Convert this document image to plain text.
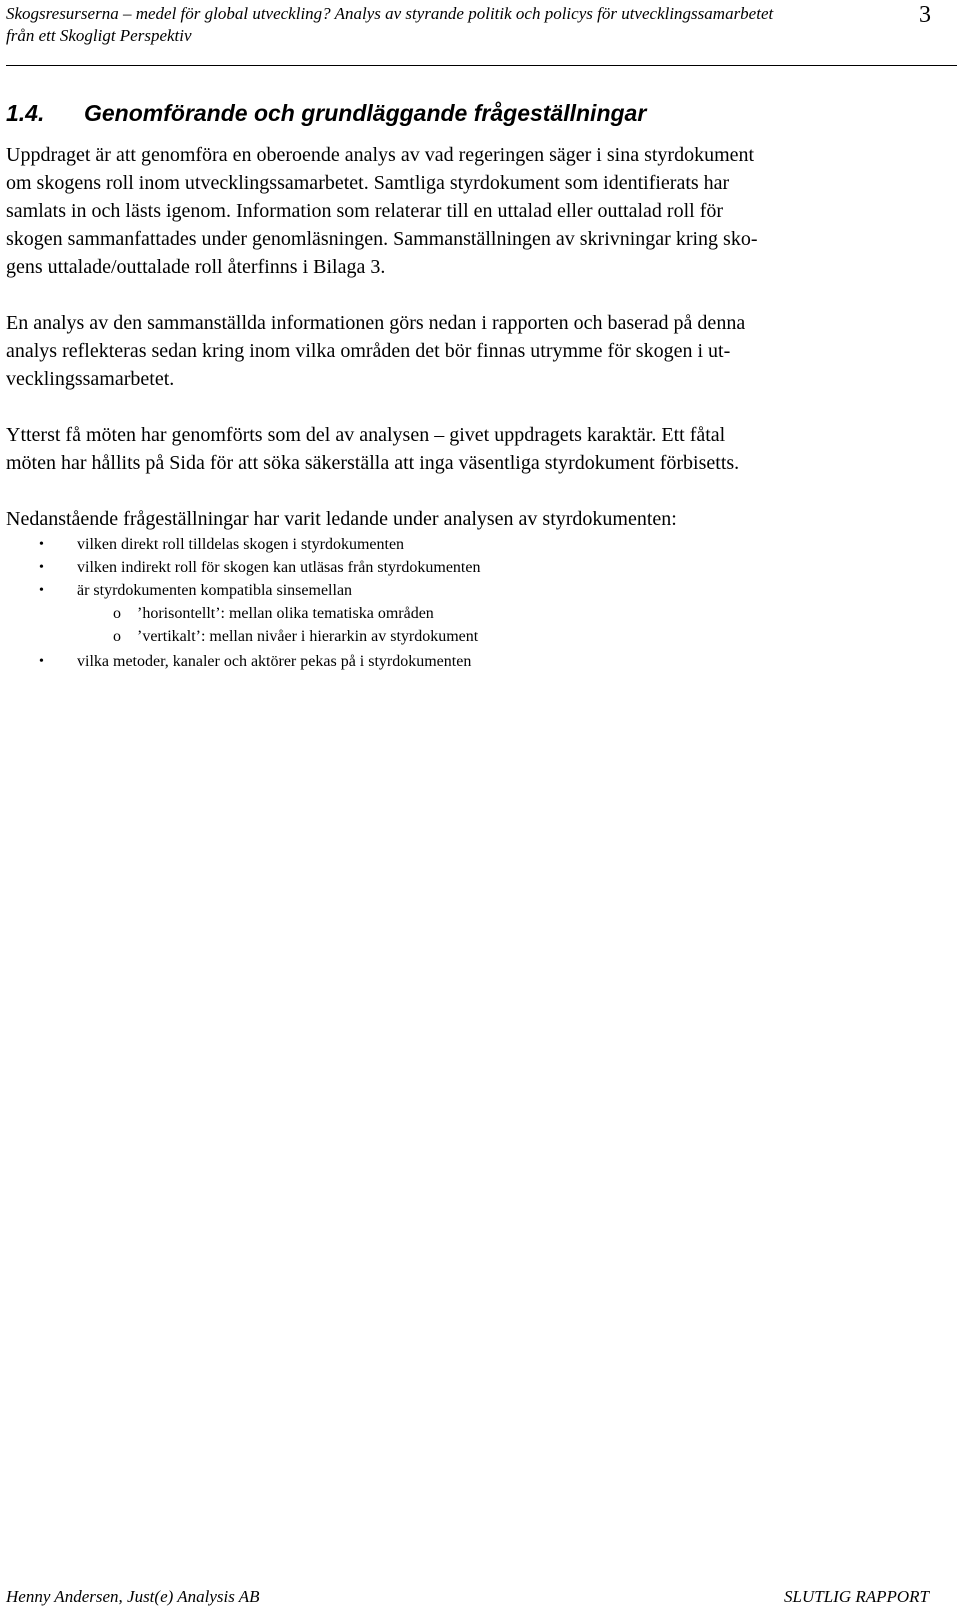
Skogsresurserna – medel för global utveckling? Analys av styrande politik och policys för utvecklingssamarbetet
från ett Skogligt Perspektiv
3
1.4. Genomförande och grundläggande frågeställningar
Uppdraget är att genomföra en oberoende analys av vad regeringen säger i sina styrdokument
om skogens roll inom utvecklingssamarbetet. Samtliga styrdokument som identifierats har
samlats in och lästs igenom. Information som relaterar till en uttalad eller outtalad roll för
skogen sammanfattades under genomläsningen. Sammanställningen av skrivningar kring sko-
gens uttalade/outtalade roll återfinns i Bilaga 3.
En analys av den sammanställda informationen görs nedan i rapporten och baserad på denna
analys reflekteras sedan kring inom vilka områden det bör finnas utrymme för skogen i ut-
vecklingssamarbetet.
Ytterst få möten har genomförts som del av analysen – givet uppdragets karaktär. Ett fåtal
möten har hållits på Sida för att söka säkerställa att inga väsentliga styrdokument förbisetts.
Nedanstående frågeställningar har varit ledande under analysen av styrdokumenten:
• vilken direkt roll tilldelas skogen i styrdokumenten
• vilken indirekt roll för skogen kan utläsas från styrdokumenten
• är styrdokumenten kompatibla sinsemellan
o ’horisontellt’: mellan olika tematiska områden
o ’vertikalt’: mellan nivåer i hierarkin av styrdokument
• vilka metoder, kanaler och aktörer pekas på i styrdokumenten
Henny Andersen, Just(e) Analysis AB	SLUTLIG RAPPORT
